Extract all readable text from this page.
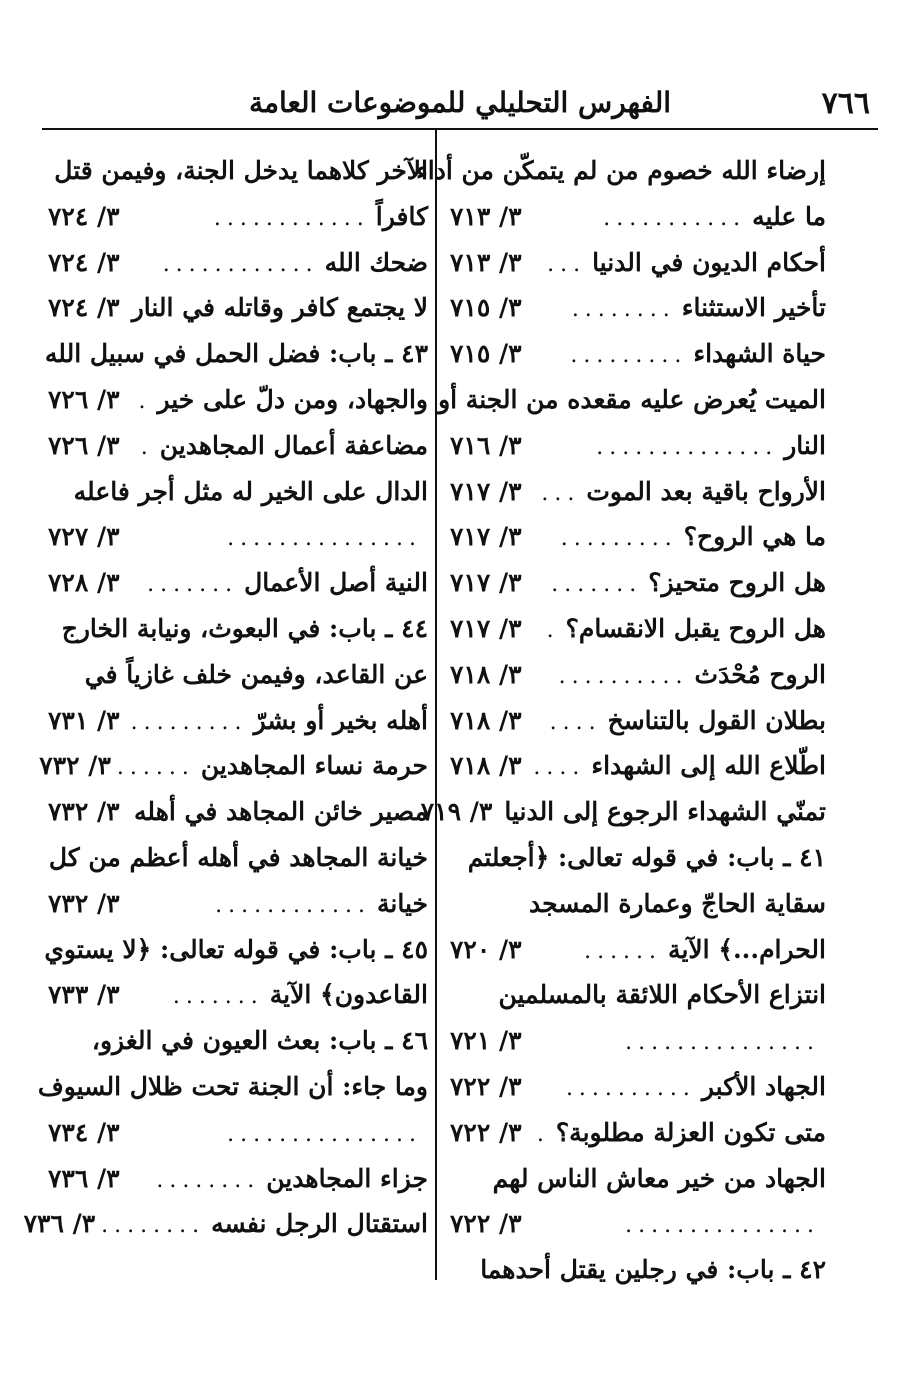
٧٦٦
الفهرس التحليلي للموضوعات العامة
إرضاء الله خصوم من لم يتمكّن من أداء
ما عليه
...........
٣/ ٧١٣
أحكام الديون في الدنيا
...
٣/ ٧١٣
تأخير الاستثناء
........
٣/ ٧١٥
حياة الشهداء
.........
٣/ ٧١٥
الميت يُعرض عليه مقعده من الجنة أو
النار
..............
٣/ ٧١٦
الأرواح باقية بعد الموت
...
٣/ ٧١٧
ما هي الروح؟
.........
٣/ ٧١٧
هل الروح متحيز؟
.......
٣/ ٧١٧
هل الروح يقبل الانقسام؟
.
٣/ ٧١٧
الروح مُحْدَث
..........
٣/ ٧١٨
بطلان القول بالتناسخ
....
٣/ ٧١٨
اطّلاع الله إلى الشهداء
....
٣/ ٧١٨
تمنّي الشهداء الرجوع إلى الدنيا
٣/ ٧١٩
٤١ ـ باب: في قوله تعالى: ﴿أجعلتم
سقاية الحاجّ وعمارة المسجد
الحرام...﴾ الآية
......
٣/ ٧٢٠
انتزاع الأحكام اللائقة بالمسلمين
...............
٣/ ٧٢١
الجهاد الأكبر
..........
٣/ ٧٢٢
متى تكون العزلة مطلوبة؟
.
٣/ ٧٢٢
الجهاد من خير معاش الناس لهم
...............
٣/ ٧٢٢
٤٢ ـ باب: في رجلين يقتل أحدهما
الآخر كلاهما يدخل الجنة، وفيمن قتل
كافراً
............
٣/ ٧٢٤
ضحك الله
............
٣/ ٧٢٤
لا يجتمع كافر وقاتله في النار
٣/ ٧٢٤
٤٣ ـ باب: فضل الحمل في سبيل الله
والجهاد، ومن دلّ على خير
.
٣/ ٧٢٦
مضاعفة أعمال المجاهدين
.
٣/ ٧٢٦
الدال على الخير له مثل أجر فاعله
...............
٣/ ٧٢٧
النية أصل الأعمال
.......
٣/ ٧٢٨
٤٤ ـ باب: في البعوث، ونيابة الخارج
عن القاعد، وفيمن خلف غازياً في
أهله بخير أو بشرّ
.........
٣/ ٧٣١
حرمة نساء المجاهدين
......
٣/ ٧٣٢
مصير خائن المجاهد في أهله
٣/ ٧٣٢
خيانة المجاهد في أهله أعظم من كل
خيانة
............
٣/ ٧٣٢
٤٥ ـ باب: في قوله تعالى: ﴿لا يستوي
القاعدون﴾ الآية
.......
٣/ ٧٣٣
٤٦ ـ باب: بعث العيون في الغزو،
وما جاء: أن الجنة تحت ظلال السيوف
...............
٣/ ٧٣٤
جزاء المجاهدين
........
٣/ ٧٣٦
استقتال الرجل نفسه
........
٣/ ٧٣٦
